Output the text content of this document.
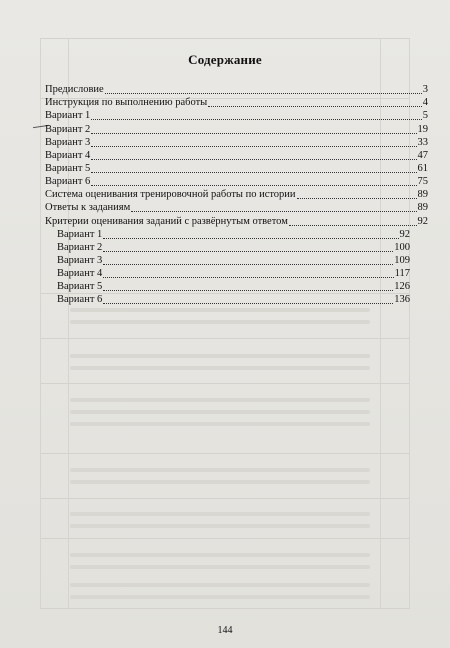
Содержание
Предисловие	3
Инструкция по выполнению работы	4
Вариант 1	5
Вариант 2	19
Вариант 3	33
Вариант 4	47
Вариант 5	61
Вариант 6	75
Система оценивания тренировочной работы по истории	89
Ответы к заданиям	89
Критерии оценивания заданий с развёрнутым ответом	92
Вариант 1	92
Вариант 2	100
Вариант 3	109
Вариант 4	117
Вариант 5	126
Вариант 6	136
144
